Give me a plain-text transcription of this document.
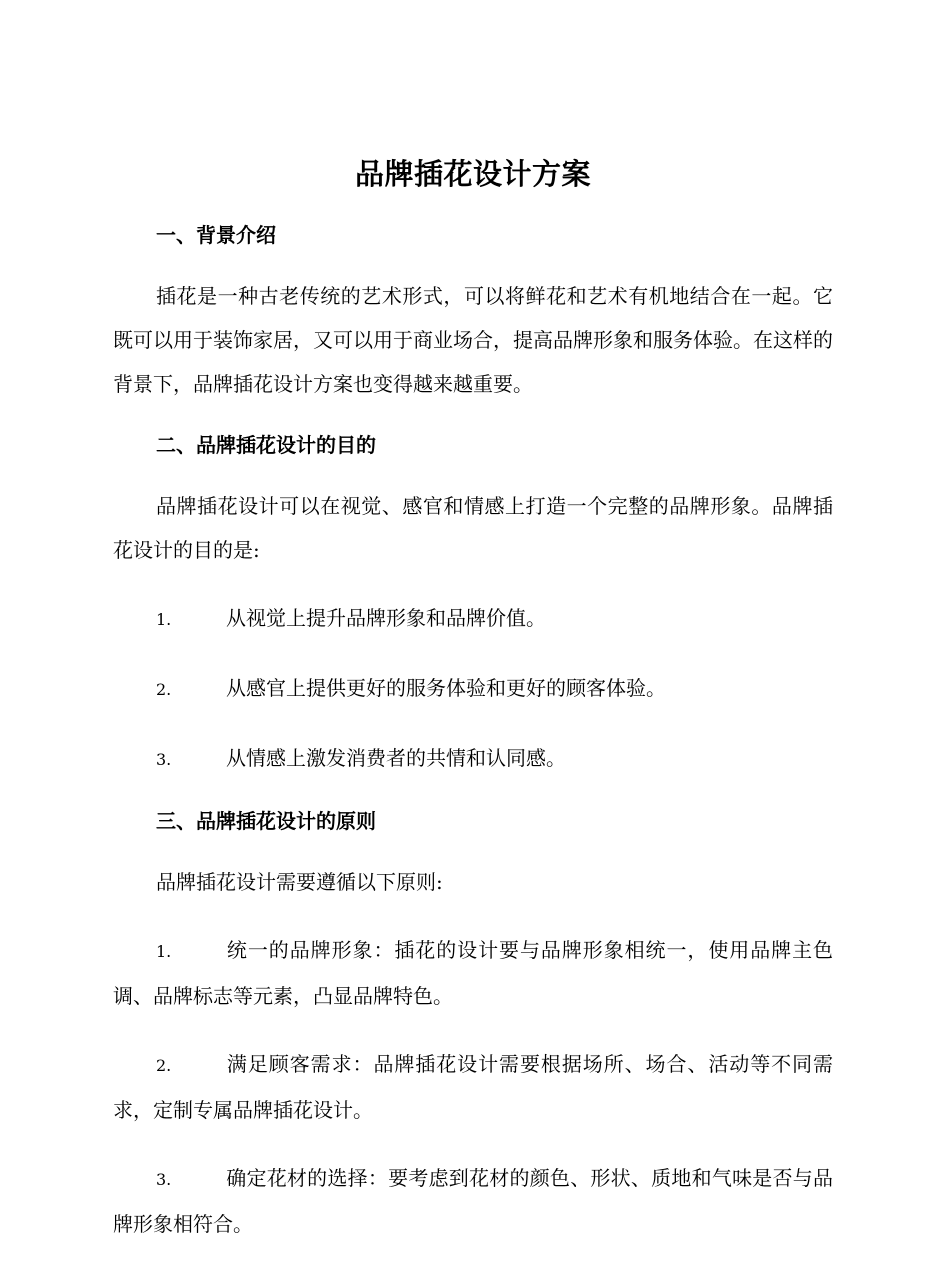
品牌插花设计方案
一、背景介绍

插花是一种古老传统的艺术形式，可以将鲜花和艺术有机地结合在一起。它既可以用于装饰家居，又可以用于商业场合，提高品牌形象和服务体验。在这样的背景下，品牌插花设计方案也变得越来越重要。

二、品牌插花设计的目的

品牌插花设计可以在视觉、感官和情感上打造一个完整的品牌形象。品牌插花设计的目的是:

1.	从视觉上提升品牌形象和品牌价值。

2.	从感官上提供更好的服务体验和更好的顾客体验。

3.	从情感上激发消费者的共情和认同感。

三、品牌插花设计的原则

品牌插花设计需要遵循以下原则:

1.	统一的品牌形象：插花的设计要与品牌形象相统一，使用品牌主色调、品牌标志等元素，凸显品牌特色。

2.	满足顾客需求：品牌插花设计需要根据场所、场合、活动等不同需求，定制专属品牌插花设计。

3.	确定花材的选择：要考虑到花材的颜色、形状、质地和气味是否与品牌形象相符合。
